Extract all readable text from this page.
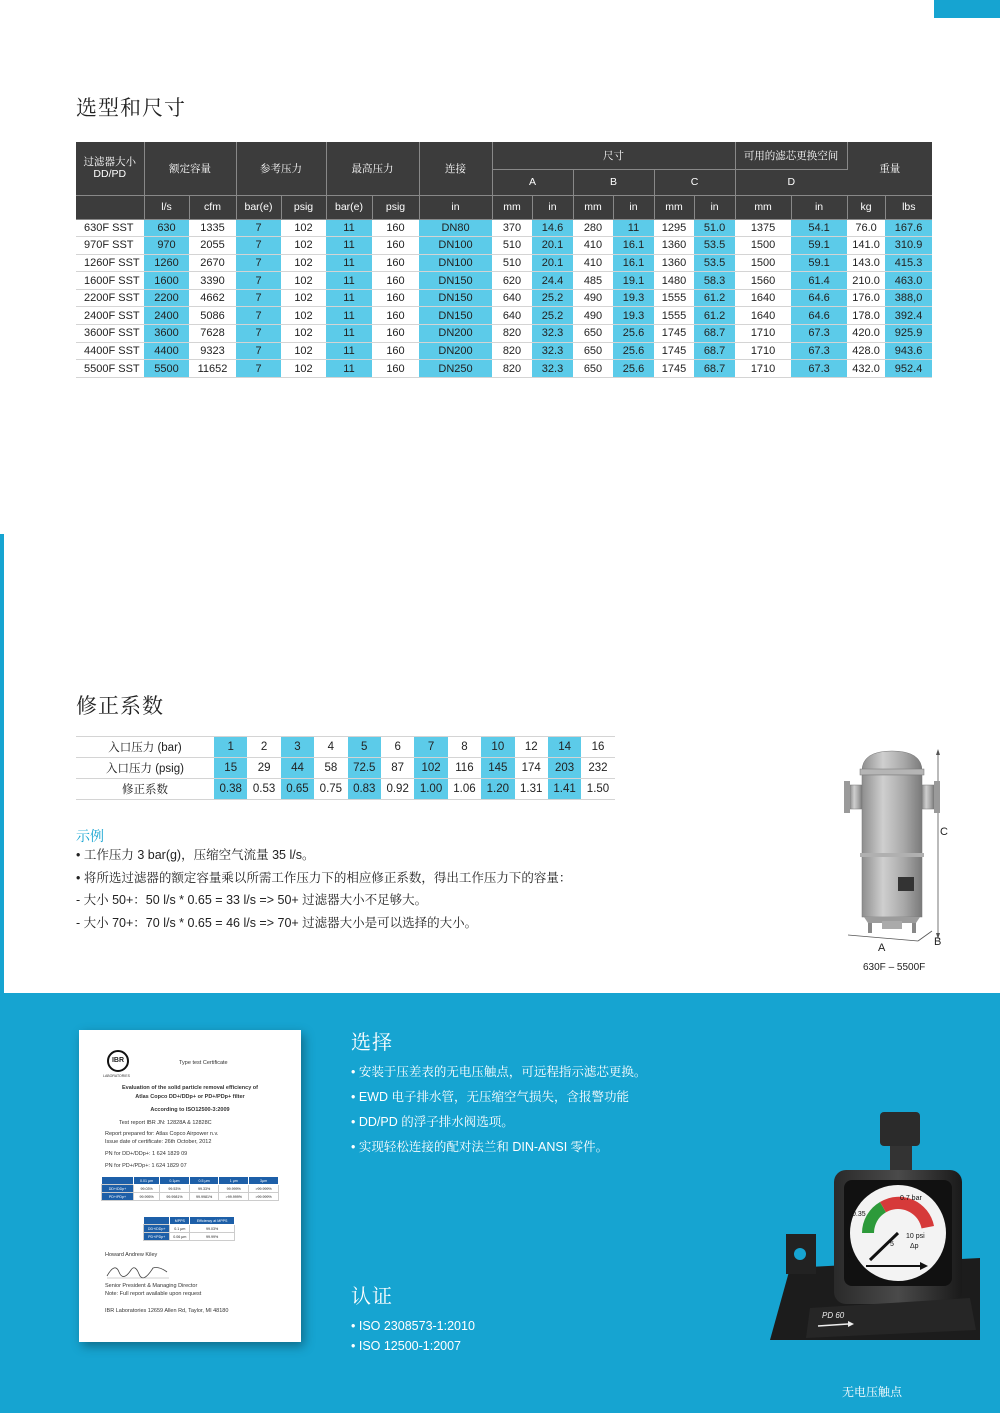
选型和尺寸
过滤器大小 DD/PD	额定容量		参考压力		最高压力		连接	尺寸						可用的滤芯更换空间		重量	
								A		B		C		D			
	l/s	cfm	bar(e)	psig	bar(e)	psig	in	mm	in	mm	in	mm	in	mm	in	kg	lbs
630F SST	630	1335	7	102	11	160	DN80	370	14.6	280	11	1295	51.0	1375	54.1	76.0	167.6
970F SST	970	2055	7	102	11	160	DN100	510	20.1	410	16.1	1360	53.5	1500	59.1	141.0	310.9
1260F SST	1260	2670	7	102	11	160	DN100	510	20.1	410	16.1	1360	53.5	1500	59.1	143.0	415.3
1600F SST	1600	3390	7	102	11	160	DN150	620	24.4	485	19.1	1480	58.3	1560	61.4	210.0	463.0
2200F SST	2200	4662	7	102	11	160	DN150	640	25.2	490	19.3	1555	61.2	1640	64.6	176.0	388,0
2400F SST	2400	5086	7	102	11	160	DN150	640	25.2	490	19.3	1555	61.2	1640	64.6	178.0	392.4
3600F SST	3600	7628	7	102	11	160	DN200	820	32.3	650	25.6	1745	68.7	1710	67.3	420.0	925.9
4400F SST	4400	9323	7	102	11	160	DN200	820	32.3	650	25.6	1745	68.7	1710	67.3	428.0	943.6
5500F SST	5500	11652	7	102	11	160	DN250	820	32.3	650	25.6	1745	68.7	1710	67.3	432.0	952.4
修正系数
入口压力 (bar)	1	2	3	4	5	6	7	8	10	12	14	16
入口压力 (psig)	15	29	44	58	72.5	87	102	116	145	174	203	232
修正系数	0.38	0.53	0.65	0.75	0.83	0.92	1.00	1.06	1.20	1.31	1.41	1.50
示例
• 工作压力 3 bar(g)，压缩空气流量 35 l/s。
• 将所选过滤器的额定容量乘以所需工作压力下的相应修正系数，得出工作压力下的容量：
- 大小 50+：50 l/s * 0.65 = 33 l/s => 50+ 过滤器大小不足够大。
- 大小 70+：70 l/s * 0.65 = 46 l/s => 70+ 过滤器大小是可以选择的大小。
C
A	B
630F – 5500F
IBR
LABORATORIES
Type test Certificate
Evaluation of the solid particle removal efficiency of
Atlas Copco DD+/DDp+ or PD+/PDp+ filter
According to ISO12500-3:2009
Test report IBR JN: 12828A & 12828C
Report prepared for: Atlas Copco Airpower n.v.
Issue date of certificate: 26th October, 2012
PN for DD+/DDp+: 1 624 1829 09
PN for PD+/PDp+: 1 624 1829 07
	0.01 μm	0.1μm	0.5 μm	1 μm	3μm
DD+/DDp+	99.03%	99.53%	99.33%	99.999%	>99.999%
PD+/PDp+	99.995%	99.9981%	99.9981%	>99.999%	>99.999%
	MPPS	Efficiency at MPPS
DD+/DDp+	0.1 μm	99.03%
PD+/PDp+	0.06 μm	99.99%
Howard Andrew Kiley
Senior President & Managing Director
Note: Full report available upon request
IBR Laboratories 12659 Allen Rd, Taylor, MI 48180
选择
• 安装于压差表的无电压触点，可远程指示滤芯更换。
• EWD 电子排水管，无压缩空气损失，含报警功能
• DD/PD 的浮子排水阀选项。
• 实现轻松连接的配对法兰和 DIN-ANSI 零件。
认证
• ISO 2308573-1:2010
• ISO 12500-1:2007
0
0.35
0.7 bar
5
10 psi
Δp
PD 60
无电压触点
